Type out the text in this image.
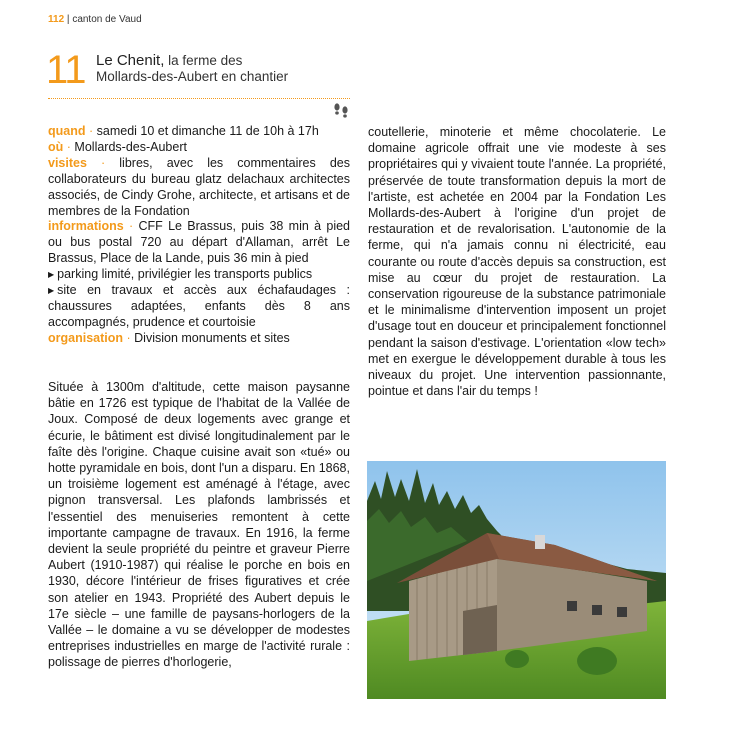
112 | canton de Vaud
11 Le Chenit, la ferme des
Mollards-des-Aubert en chantier

quand · samedi 10 et dimanche 11 de 10h à 17h

où · Mollards-des-Aubert

visites · libres, avec les commentaires des collaborateurs du bureau glatz delachaux architectes associés, de Cindy Grohe, architecte, et artisans et de membres de la Fondation

informations · CFF Le Brassus, puis 38 min à pied ou bus postal 720 au départ d'Allaman, arrêt Le Brassus, Place de la Lande, puis 36 min à pied

▶ parking limité, privilégier les transports publics

▶ site en travaux et accès aux échafaudages : chaussures adaptées, enfants dès 8 ans accompagnés, prudence et courtoisie

organisation · Division monuments et sites

Située à 1300m d'altitude, cette maison paysanne bâtie en 1726 est typique de l'habitat de la Vallée de Joux. Composé de deux logements avec grange et écurie, le bâtiment est divisé longitudinalement par le faîte dès l'origine. Chaque cuisine avait son «tué» ou hotte pyramidale en bois, dont l'un a disparu. En 1868, un troisième logement est aménagé à l'étage, avec pignon transversal. Les plafonds lambrissés et l'essentiel des menuiseries remontent à cette importante campagne de travaux. En 1916, la ferme devient la seule propriété du peintre et graveur Pierre Aubert (1910-1987) qui réalise le porche en bois en 1930, décore l'intérieur de frises figuratives et crée son atelier en 1943. Propriété des Aubert depuis le 17e siècle – une famille de paysans-horlogers de la Vallée – le domaine a vu se développer de modestes entreprises industrielles en marge de l'activité rurale : polissage de pierres d'horlogerie,

coutellerie, minoterie et même chocolaterie. Le domaine agricole offrait une vie modeste à ses propriétaires qui y vivaient toute l'année. La propriété, préservée de toute transformation depuis la mort de l'artiste, est achetée en 2004 par la Fondation Les Mollards-des-Aubert à l'origine d'un projet de restauration et de revalorisation. L'autonomie de la ferme, qui n'a jamais connu ni électricité, eau courante ou route d'accès depuis sa construction, est mise au cœur du projet de restauration. La conservation rigoureuse de la substance patrimoniale et le minimalisme d'intervention imposent un projet d'usage tout en douceur et principalement fonctionnel pendant la saison d'estivage. L'orientation «low tech» met en exergue le développement durable à tous les niveaux du projet. Une intervention passionnante, pointue et dans l'air du temps !
